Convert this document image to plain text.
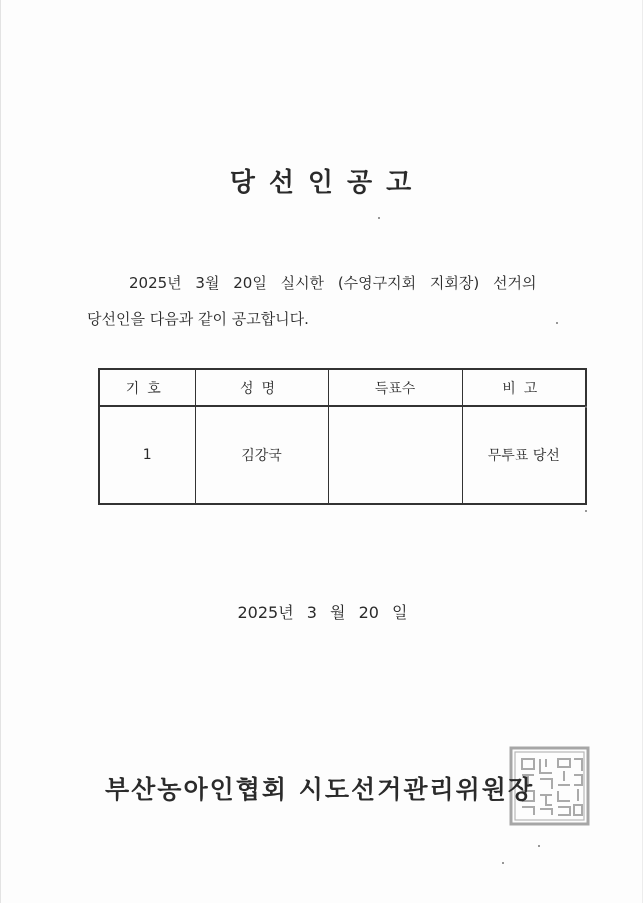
당선인공고
2025년 3월 20일 실시한 (수영구지회 지회장) 선거의
당선인을 다음과 같이 공고합니다.
기호	성명	득표수	비고
1	김강국		무투표 당선
2025년 3 월 20 일
부산농아인협회 시도선거관리위원장
